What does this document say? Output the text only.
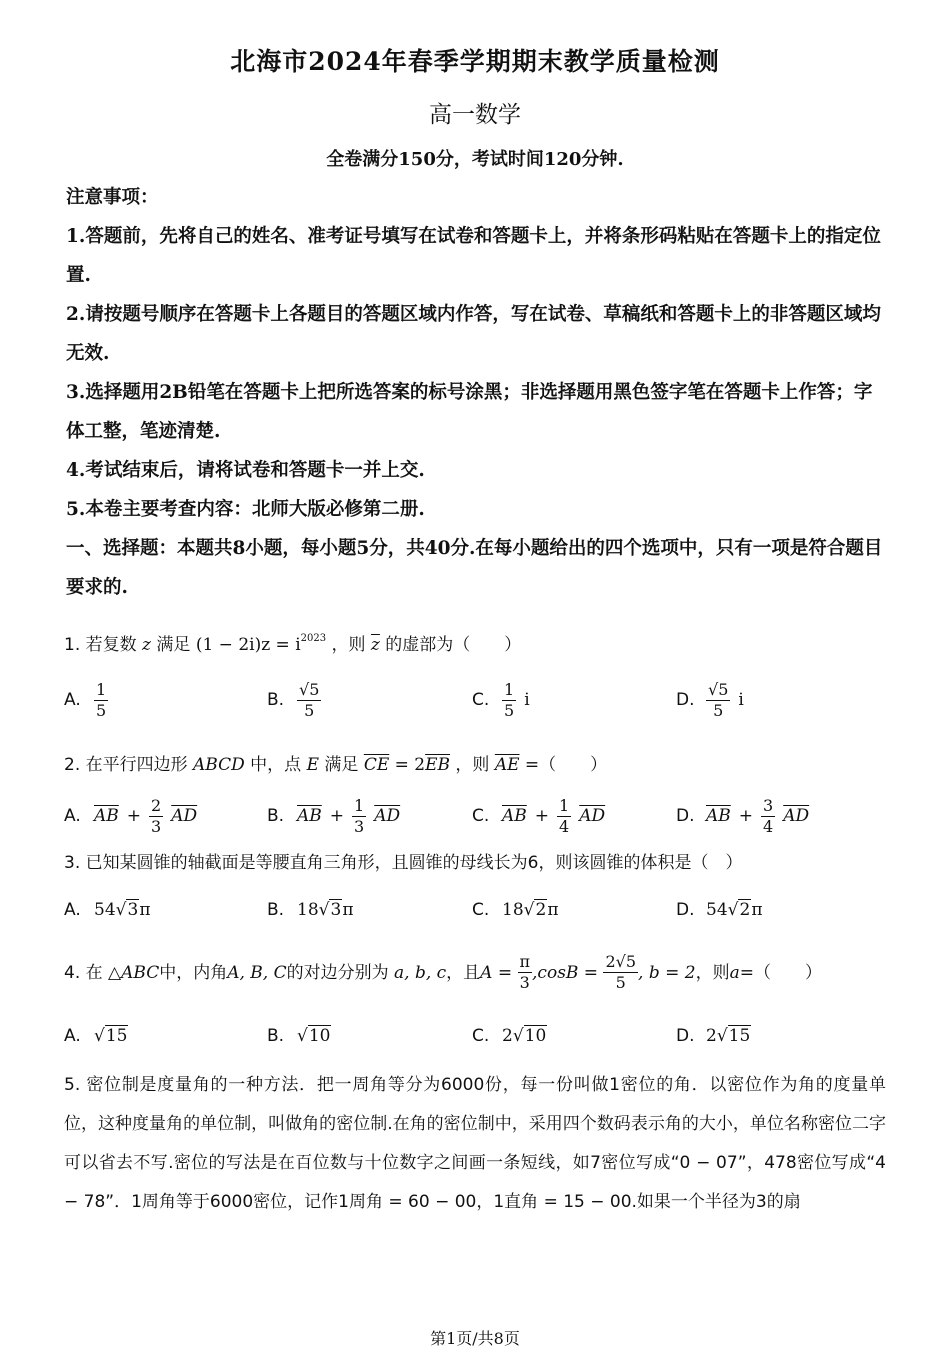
北海市2024年春季学期期末教学质量检测
高一数学
全卷满分150分，考试时间120分钟.
注意事项：
1.答题前，先将自己的姓名、准考证号填写在试卷和答题卡上，并将条形码粘贴在答题卡上的指定位置.
2.请按题号顺序在答题卡上各题目的答题区域内作答，写在试卷、草稿纸和答题卡上的非答题区域均无效.
3.选择题用2B铅笔在答题卡上把所选答案的标号涂黑；非选择题用黑色签字笔在答题卡上作答；字体工整，笔迹清楚.
4.考试结束后，请将试卷和答题卡一并上交.
5.本卷主要考查内容：北师大版必修第二册.
一、选择题：本题共8小题，每小题5分，共40分.在每小题给出的四个选项中，只有一项是符合题目要求的.
1. 若复数 z 满足 $(1 - 2i)z = i^{2023}$ ，则 $\overline{z}$ 的虚部为（　　）
A. $\frac{1}{5}$	B. $\frac{√5}{5}$	C. $\frac{1}{5}$ i	D. $\frac{√5}{5}$ i
2. 在平行四边形 ABCD 中，点 E 满足 $\overline{CE} = 2\overline{EB}$ ，则 $\overline{AE}$ =（　　）
A. $\overline{AB} + \frac{2}{3} \overline{AD}$	B. $\overline{AB} + \frac{1}{3} \overline{AD}$	C. $\overline{AB} + \frac{1}{4} \overline{AD}$	D. $\overline{AB} + \frac{3}{4} \overline{AD}$
3. 已知某圆锥的轴截面是等腰直角三角形，且圆锥的母线长为6，则该圆锥的体积是（　）
A. 54√3π	B. 18√3π	C. 18√2π	D. 54√2π
4. 在
△ABC 中，内角 A, B, C 的对边分别为
a, b, c ，且 A =
$\frac{\pi}{3} ,\cos B$ =
$\frac{2√5}{5}$ , b = 2 ，则 a =（　　）
A. √15	B. √10	C. 2√10	D. 2√15
5. 密位制是度量角的一种方法．把一周角等分为6000份，每一份叫做1密位的角．以密位作为角的度量单位，这种度量角的单位制，叫做角的密位制.在角的密位制中，采用四个数码表示角的大小，单位名称密位二字可以省去不写.密位的写法是在百位数与十位数字之间画一条短线，如7密位写成“0 − 07”，478密位写成“4 − 78”．1周角等于6000密位，记作1周角 = 60 − 00，1直角 = 15 − 00.如果一个半径为3的扇
第1页/共8页
